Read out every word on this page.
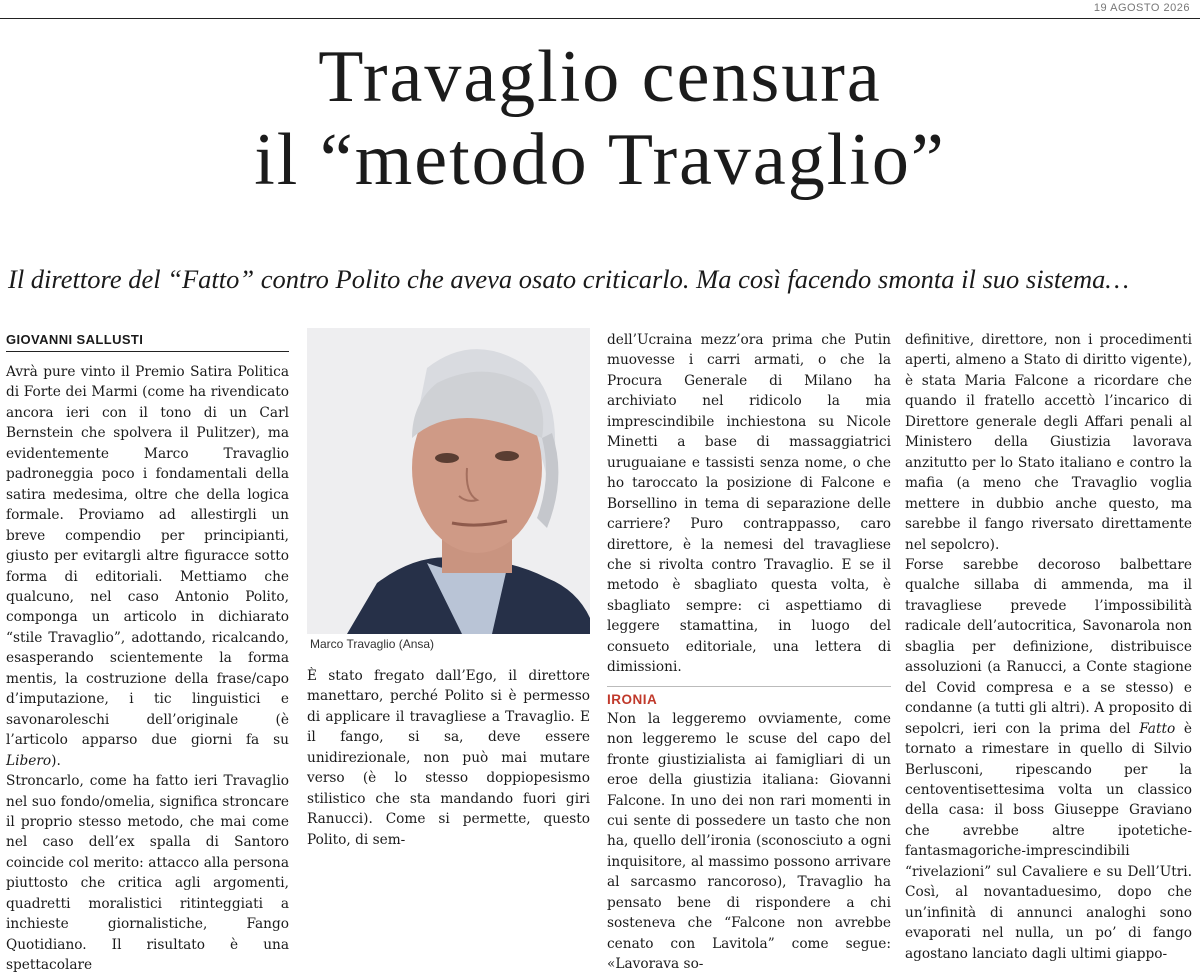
19 AGOSTO 2026
Travaglio censura
il “metodo Travaglio”

Il direttore del “Fatto” contro Polito che aveva osato criticarlo. Ma così facendo smonta il suo sistema…

GIOVANNI SALLUSTI

Avrà pure vinto il Premio Satira Politica di Forte dei Marmi (come ha rivendicato ancora ieri con il tono di un Carl Bernstein che spolvera il Pulitzer), ma evidentemente Marco Travaglio padroneggia poco i fondamentali della satira medesima, oltre che della logica formale. Proviamo ad allestirgli un breve compendio per principianti, giusto per evitargli altre figuracce sotto forma di editoriali. Mettiamo che qualcuno, nel caso Antonio Polito, componga un articolo in dichiarato “stile Travaglio”, adottando, ricalcando, esasperando scientemente la forma mentis, la costruzione della frase/capo d’imputazione, i tic linguistici e savonaroleschi dell’originale (è l’articolo apparso due giorni fa su Libero).

Stroncarlo, come ha fatto ieri Travaglio nel suo fondo/omelia, significa stroncare il proprio stesso metodo, che mai come nel caso dell’ex spalla di Santoro coincide col merito: attacco alla persona piuttosto che critica agli argomenti, quadretti moralistici ritinteggiati a inchieste giornalistiche, Fango Quotidiano. Il risultato è una spettacolare

Marco Travaglio (Ansa)

È stato fregato dall’Ego, il direttore manettaro, perché Polito si è permesso di applicare il travagliese a Travaglio. E il fango, si sa, deve essere unidirezionale, non può mai mutare verso (è lo stesso doppiopesismo stilistico che sta mandando fuori giri Ranucci). Come si permette, questo Polito, di sem-

dell’Ucraina mezz’ora prima che Putin muovesse i carri armati, o che la Procura Generale di Milano ha archiviato nel ridicolo la mia imprescindibile inchiestona su Nicole Minetti a base di massaggiatrici uruguaiane e tassisti senza nome, o che ho taroccato la posizione di Falcone e Borsellino in tema di separazione delle carriere? Puro contrappasso, caro direttore, è la nemesi del travagliese che si rivolta contro Travaglio. E se il metodo è sbagliato questa volta, è sbagliato sempre: ci aspettiamo di leggere stamattina, in luogo del consueto editoriale, una lettera di dimissioni.

IRONIA

Non la leggeremo ovviamente, come non leggeremo le scuse del capo del fronte giustizialista ai famigliari di un eroe della giustizia italiana: Giovanni Falcone. In uno dei non rari momenti in cui sente di possedere un tasto che non ha, quello dell’ironia (sconosciuto a ogni inquisitore, al massimo possono arrivare al sarcasmo rancoroso), Travaglio ha pensato bene di rispondere a chi sosteneva che “Falcone non avrebbe cenato con Lavitola” come segue: «Lavorava so-

definitive, direttore, non i procedimenti aperti, almeno a Stato di diritto vigente), è stata Maria Falcone a ricordare che quando il fratello accettò l’incarico di Direttore generale degli Affari penali al Ministero della Giustizia lavorava anzitutto per lo Stato italiano e contro la mafia (a meno che Travaglio voglia mettere in dubbio anche questo, ma sarebbe il fango riversato direttamente nel sepolcro).

Forse sarebbe decoroso balbettare qualche sillaba di ammenda, ma il travagliese prevede l’impossibilità radicale dell’autocritica, Savonarola non sbaglia per definizione, distribuisce assoluzioni (a Ranucci, a Conte stagione del Covid compresa e a se stesso) e condanne (a tutti gli altri). A proposito di sepolcri, ieri con la prima del Fatto è tornato a rimestare in quello di Silvio Berlusconi, ripescando per la centoventisettesima volta un classico della casa: il boss Giuseppe Graviano che avrebbe altre ipotetiche-fantasmagoriche-imprescindibili “rivelazioni” sul Cavaliere e su Dell’Utri. Così, al novantaduesimo, dopo che un’infinità di annunci analoghi sono evaporati nel nulla, un po’ di fango agostano lanciato dagli ultimi giappo-
